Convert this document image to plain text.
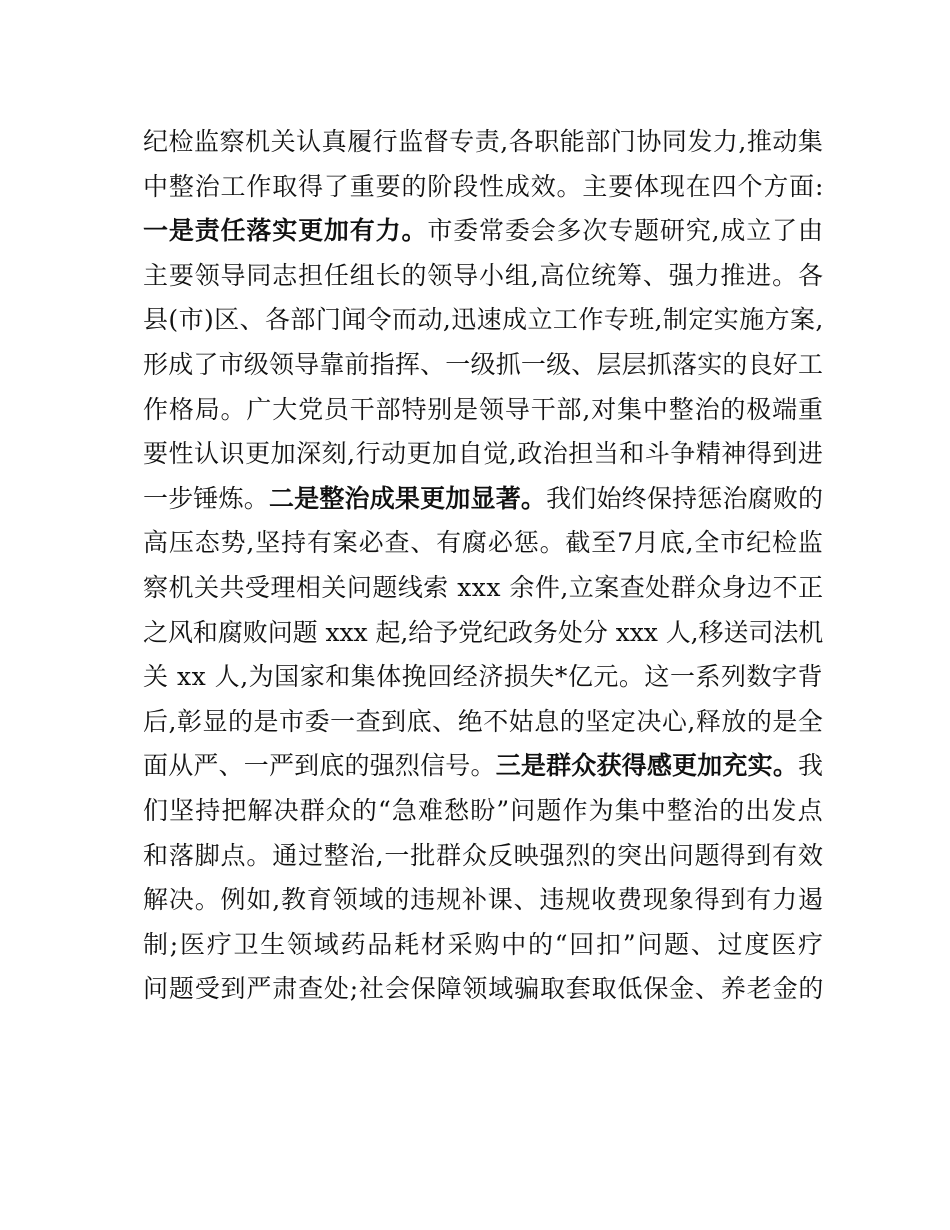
纪检监察机关认真履行监督专责,各职能部门协同发力,推动集
中整治工作取得了重要的阶段性成效。主要体现在四个方面:
一是责任落实更加有力。市委常委会多次专题研究,成立了由
主要领导同志担任组长的领导小组,高位统筹、强力推进。各
县(市)区、各部门闻令而动,迅速成立工作专班,制定实施方案,
形成了市级领导靠前指挥、一级抓一级、层层抓落实的良好工
作格局。广大党员干部特别是领导干部,对集中整治的极端重
要性认识更加深刻,行动更加自觉,政治担当和斗争精神得到进
一步锤炼。二是整治成果更加显著。我们始终保持惩治腐败的
高压态势,坚持有案必查、有腐必惩。截至7月底,全市纪检监
察机关共受理相关问题线索 xxx 余件,立案查处群众身边不正
之风和腐败问题 xxx 起,给予党纪政务处分 xxx 人,移送司法机
关 xx 人,为国家和集体挽回经济损失*亿元。这一系列数字背
后,彰显的是市委一查到底、绝不姑息的坚定决心,释放的是全
面从严、一严到底的强烈信号。三是群众获得感更加充实。我
们坚持把解决群众的“急难愁盼”问题作为集中整治的出发点
和落脚点。通过整治,一批群众反映强烈的突出问题得到有效
解决。例如,教育领域的违规补课、违规收费现象得到有力遏
制;医疗卫生领域药品耗材采购中的“回扣”问题、过度医疗
问题受到严肃查处;社会保障领域骗取套取低保金、养老金的
